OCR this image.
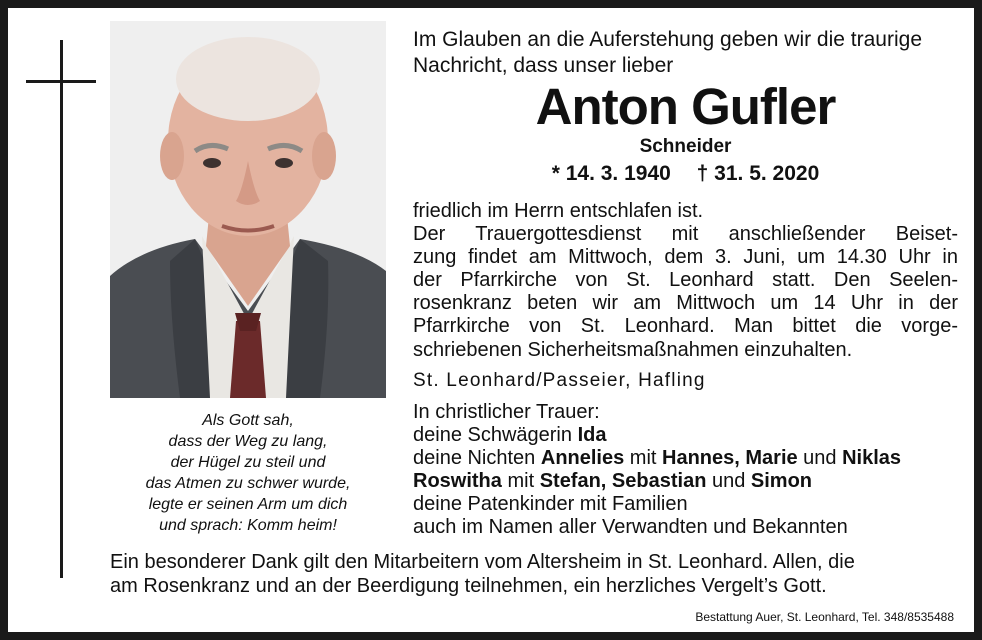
Als Gott sah,
dass der Weg zu lang,
der Hügel zu steil und
das Atmen zu schwer wurde,
legte er seinen Arm um dich
und sprach: Komm heim!
Im Glauben an die Auferstehung geben wir die traurige
Nachricht, dass unser lieber
Anton Gufler
Schneider
* 14. 3. 1940 † 31. 5. 2020
friedlich im Herrn entschlafen ist.
Der Trauergottesdienst mit anschließender Beiset-
zung findet am Mittwoch, dem 3. Juni, um 14.30 Uhr in
der Pfarrkirche von St. Leonhard statt. Den Seelen-
rosenkranz beten wir am Mittwoch um 14 Uhr in der
Pfarrkirche von St. Leonhard. Man bittet die vorge-
schriebenen Sicherheitsmaßnahmen einzuhalten.
St. Leonhard/Passeier, Hafling
In christlicher Trauer:
deine Schwägerin Ida
deine Nichten Annelies mit Hannes, Marie und Niklas
Roswitha mit Stefan, Sebastian und Simon
deine Patenkinder mit Familien
auch im Namen aller Verwandten und Bekannten
Ein besonderer Dank gilt den Mitarbeitern vom Altersheim in St. Leonhard. Allen, die
am Rosenkranz und an der Beerdigung teilnehmen, ein herzliches Vergelt’s Gott.
Bestattung Auer, St. Leonhard, Tel. 348/8535488
